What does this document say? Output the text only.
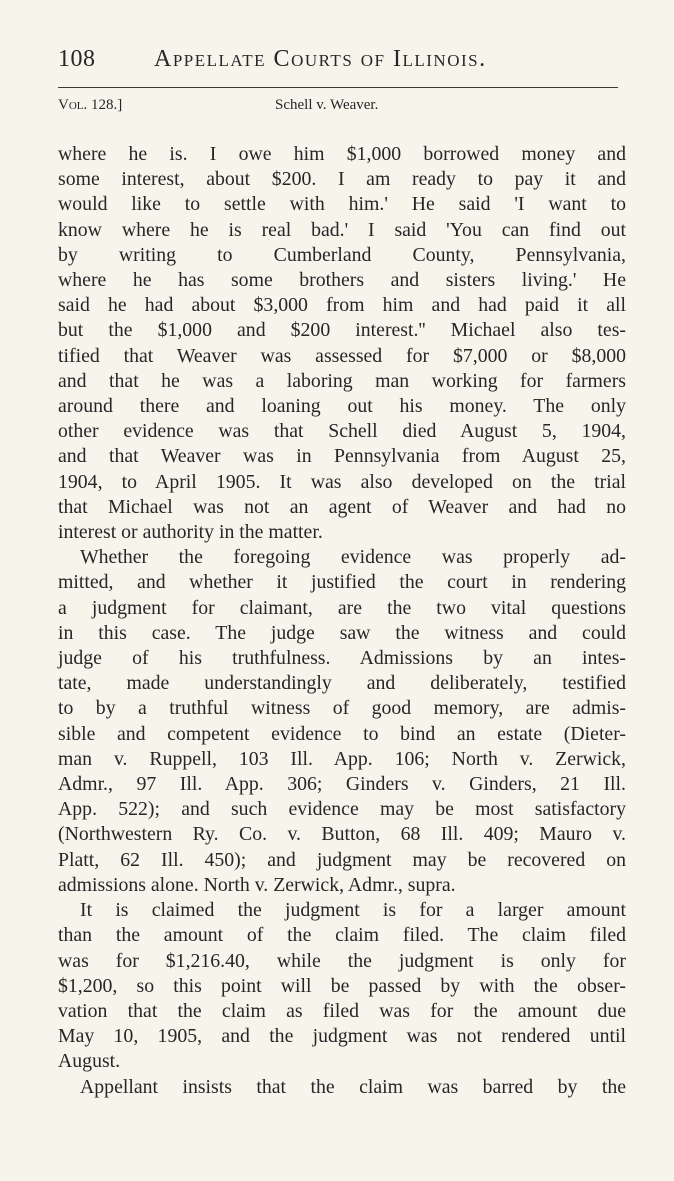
108	Appellate Courts of Illinois.
Vol. 128.]	Schell v. Weaver.
where he is. I owe him $1,000 borrowed money and
some interest, about $200. I am ready to pay it and
would like to settle with him.' He said 'I want to
know where he is real bad.' I said 'You can find out
by writing to Cumberland County, Pennsylvania,
where he has some brothers and sisters living.' He
said he had about $3,000 from him and had paid it all
but the $1,000 and $200 interest.'' Michael also tes-
tified that Weaver was assessed for $7,000 or $8,000
and that he was a laboring man working for farmers
around there and loaning out his money. The only
other evidence was that Schell died August 5, 1904,
and that Weaver was in Pennsylvania from August 25,
1904, to April 1905. It was also developed on the trial
that Michael was not an agent of Weaver and had no
interest or authority in the matter.
Whether the foregoing evidence was properly ad-
mitted, and whether it justified the court in rendering
a judgment for claimant, are the two vital questions
in this case. The judge saw the witness and could
judge of his truthfulness. Admissions by an intes-
tate, made understandingly and deliberately, testified
to by a truthful witness of good memory, are admis-
sible and competent evidence to bind an estate (Dieter-
man v. Ruppell, 103 Ill. App. 106; North v. Zerwick,
Admr., 97 Ill. App. 306; Ginders v. Ginders, 21 Ill.
App. 522); and such evidence may be most satisfactory
(Northwestern Ry. Co. v. Button, 68 Ill. 409; Mauro v.
Platt, 62 Ill. 450); and judgment may be recovered on
admissions alone. North v. Zerwick, Admr., supra.
It is claimed the judgment is for a larger amount
than the amount of the claim filed. The claim filed
was for $1,216.40, while the judgment is only for
$1,200, so this point will be passed by with the obser-
vation that the claim as filed was for the amount due
May 10, 1905, and the judgment was not rendered until
August.
Appellant insists that the claim was barred by the
